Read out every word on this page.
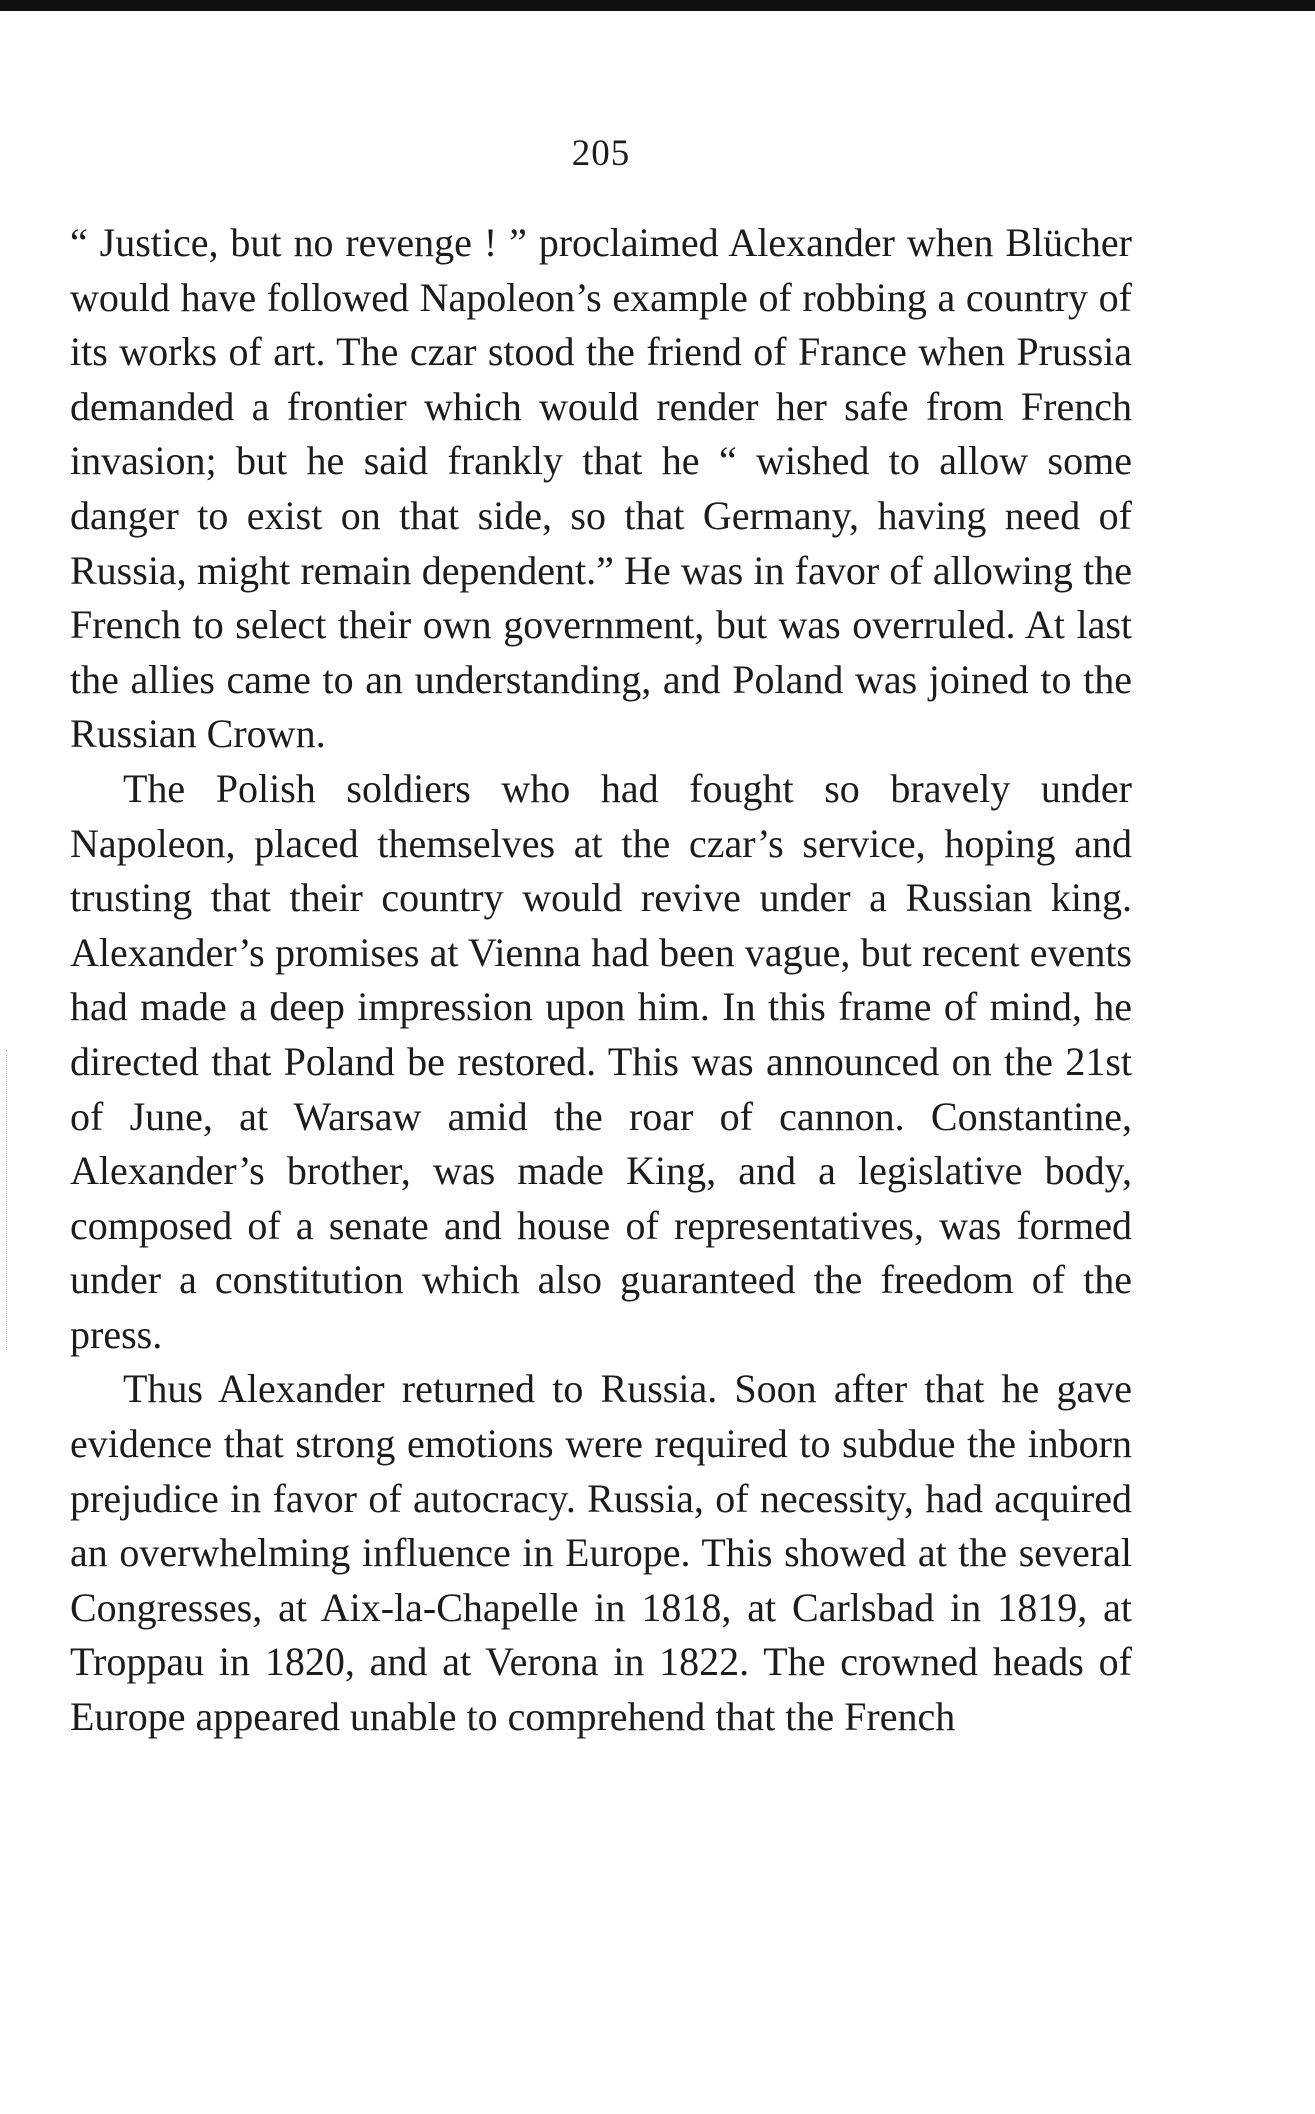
205

“ Justice, but no revenge ! ” proclaimed Alexander when Blücher would have followed Napoleon’s example of robbing a country of its works of art. The czar stood the friend of France when Prussia demanded a frontier which would render her safe from French invasion; but he said frankly that he “ wished to allow some danger to exist on that side, so that Germany, having need of Russia, might remain dependent.” He was in favor of allowing the French to select their own government, but was overruled. At last the allies came to an understanding, and Poland was joined to the Russian Crown.

The Polish soldiers who had fought so bravely under Napoleon, placed themselves at the czar’s service, hoping and trusting that their country would revive under a Russian king. Alexander’s promises at Vienna had been vague, but recent events had made a deep impression upon him. In this frame of mind, he directed that Poland be restored. This was announced on the 21st of June, at Warsaw amid the roar of cannon. Constantine, Alexander’s brother, was made King, and a legislative body, composed of a senate and house of representatives, was formed under a constitution which also guaranteed the freedom of the press.

Thus Alexander returned to Russia. Soon after that he gave evidence that strong emotions were required to subdue the inborn prejudice in favor of autocracy. Russia, of necessity, had acquired an overwhelming influence in Europe. This showed at the several Congresses, at Aix-la-Chapelle in 1818, at Carlsbad in 1819, at Troppau in 1820, and at Verona in 1822. The crowned heads of Europe appeared unable to comprehend that the French
